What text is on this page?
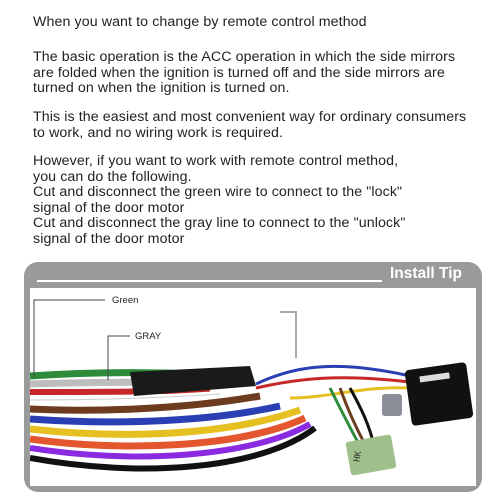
When you want to change by remote control method

The basic operation is the ACC operation in which the side mirrors are folded when the ignition is turned off and the side mirrors are turned on when the ignition is turned on.

This is the easiest and most convenient way for ordinary consumers to work, and no wiring work is required.

However, if you want to work with remote control method,

you can do the following.

Cut and disconnect the green wire to connect to the "lock"

signal of the door motor

Cut and disconnect the gray line to connect to the "unlock"

signal of the door motor

Install Tip
HK
Green
GRAY
